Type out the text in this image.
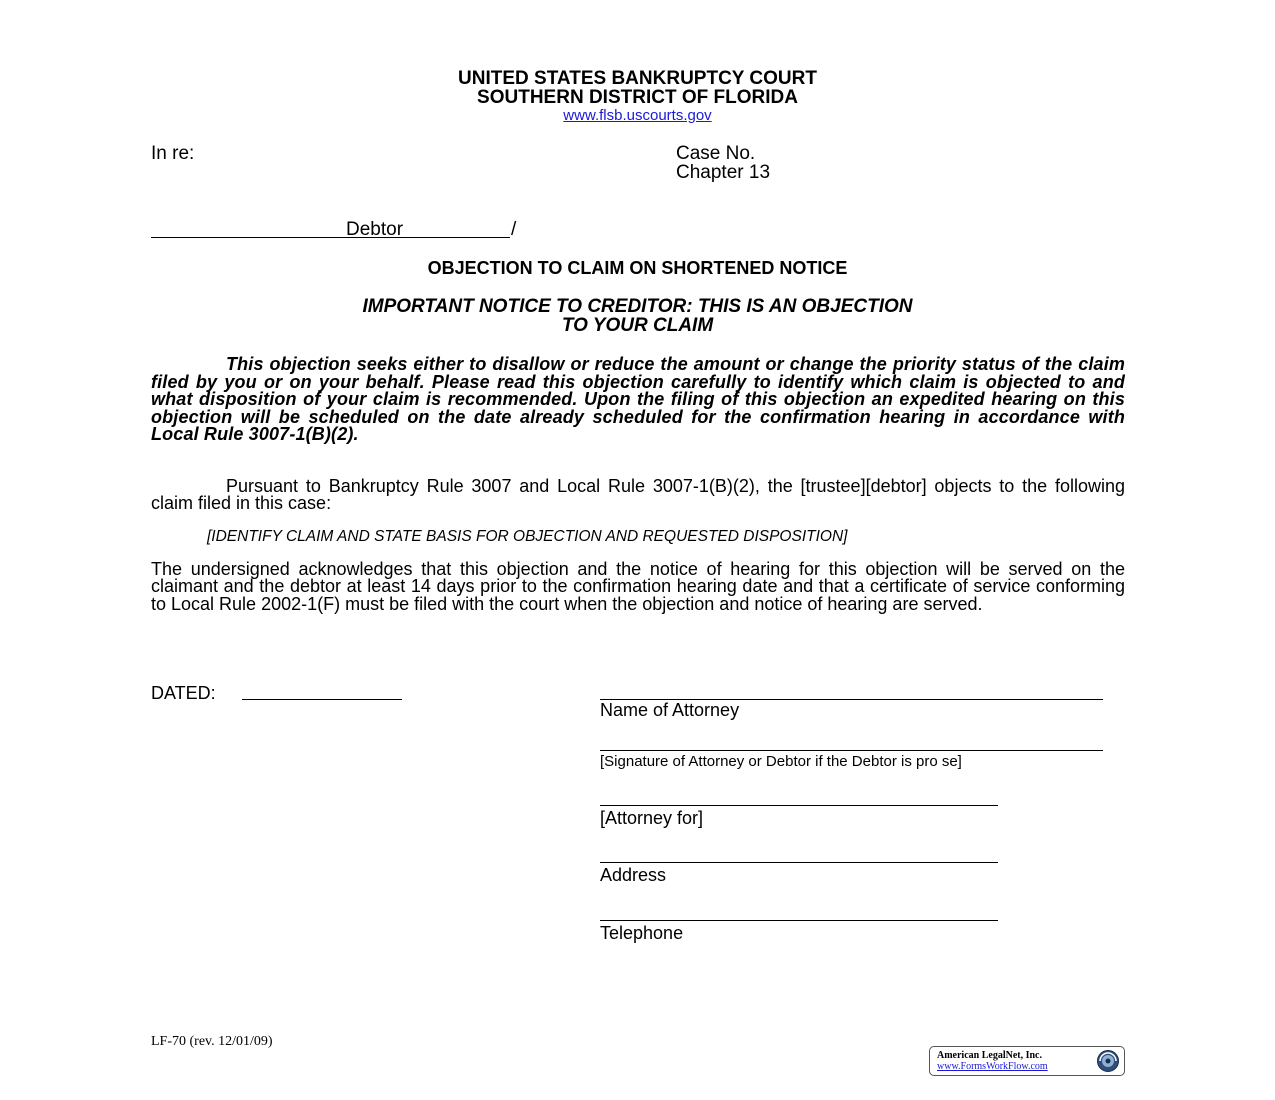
UNITED STATES BANKRUPTCY COURT
SOUTHERN DISTRICT OF FLORIDA
www.flsb.uscourts.gov
In re:	Case No.
Chapter 13
Debtor	/
OBJECTION TO CLAIM ON SHORTENED NOTICE
IMPORTANT NOTICE TO CREDITOR: THIS IS AN OBJECTION
TO YOUR CLAIM
This objection seeks either to disallow or reduce the amount or change the priority status of the claim filed by you or on your behalf. Please read this objection carefully to identify which claim is objected to and what disposition of your claim is recommended. Upon the filing of this objection an expedited hearing on this objection will be scheduled on the date already scheduled for the confirmation hearing in accordance with Local Rule 3007-1(B)(2).
Pursuant to Bankruptcy Rule 3007 and Local Rule 3007-1(B)(2), the [trustee][debtor] objects to the following claim filed in this case:
[IDENTIFY CLAIM AND STATE BASIS FOR OBJECTION AND REQUESTED DISPOSITION]
The undersigned acknowledges that this objection and the notice of hearing for this objection will be served on the claimant and the debtor at least 14 days prior to the confirmation hearing date and that a certificate of service conforming to Local Rule 2002-1(F) must be filed with the court when the objection and notice of hearing are served.
DATED:
Name of Attorney
[Signature of Attorney or Debtor if the Debtor is pro se]
[Attorney for]
Address
Telephone
LF-70 (rev. 12/01/09)
American LegalNet, Inc.
www.FormsWorkFlow.com
